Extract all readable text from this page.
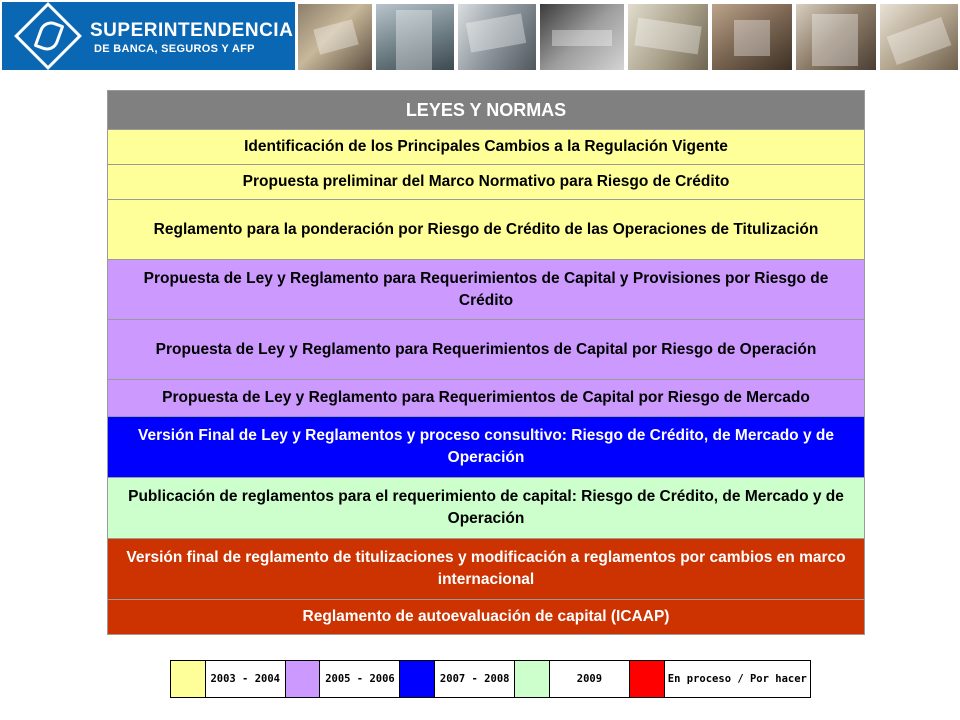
SUPERINTENDENCIA
DE BANCA, SEGUROS Y AFP
LEYES Y NORMAS
Identificación de los Principales Cambios a la Regulación Vigente
Propuesta preliminar del Marco Normativo para Riesgo de Crédito
Reglamento para la ponderación por Riesgo de Crédito de las Operaciones de Titulización
Propuesta de Ley y Reglamento para Requerimientos de Capital y Provisiones por Riesgo de Crédito
Propuesta de Ley y Reglamento para Requerimientos de Capital por Riesgo de Operación
Propuesta de Ley y Reglamento para Requerimientos de Capital por Riesgo de Mercado
Versión Final de Ley y Reglamentos y proceso consultivo: Riesgo de Crédito, de Mercado y de Operación
Publicación de reglamentos para el requerimiento de capital: Riesgo de Crédito, de Mercado y de Operación
Versión final de reglamento de titulizaciones y modificación a reglamentos por cambios en marco internacional
Reglamento de autoevaluación de capital (ICAAP)
	2003 - 2004		2005 - 2006		2007 - 2008		2009		En proceso / Por hacer
